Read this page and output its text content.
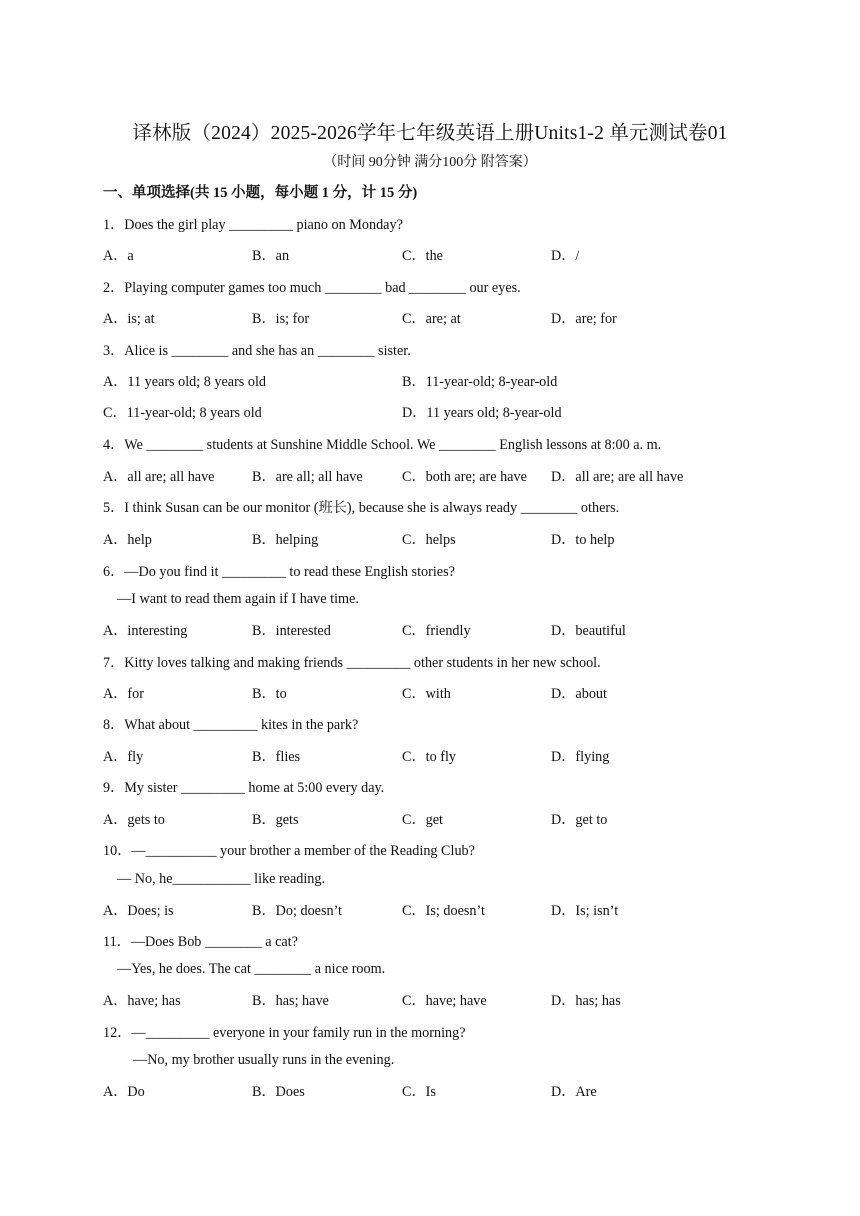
译林版（2024）2025-2026学年七年级英语上册Units1-2 单元测试卷01
（时间 90分钟 满分100分 附答案）
一、单项选择(共 15 小题，每小题 1 分，计 15 分)
1．Does the girl play _________ piano on Monday?
A．a	B．an	C．the	D．/
2．Playing computer games too much ________ bad ________ our eyes.
A．is; at	B．is; for	C．are; at	D．are; for
3．Alice is ________ and she has an ________ sister.
A．11 years old; 8 years old	B．11-year-old; 8-year-old
C．11-year-old; 8 years old	D．11 years old; 8-year-old
4．We ________ students at Sunshine Middle School. We ________ English lessons at 8:00 a. m.
A．all are; all have	B．are all; all have	C．both are; are have D．all are; are all have
5．I think Susan can be our monitor (班长), because she is always ready ________ others.
A．help	B．helping	C．helps	D．to help
6．—Do you find it _________ to read these English stories?
—I want to read them again if I have time.
A．interesting	B．interested	C．friendly	D．beautiful
7．Kitty loves talking and making friends _________ other students in her new school.
A．for	B．to	C．with	D．about
8．What about _________ kites in the park?
A．fly	B．flies	C．to fly	D．flying
9．My sister _________ home at 5:00 every day.
A．gets to	B．gets	C．get	D．get to
10．—__________ your brother a member of the Reading Club?
— No, he___________ like reading.
A．Does; is	B．Do; doesn’t	C．Is; doesn’t	D．Is; isn’t
11．—Does Bob ________ a cat?
—Yes, he does. The cat ________ a nice room.
A．have; has	B．has; have	C．have; have	D．has; has
12．—_________ everyone in your family run in the morning?
—No, my brother usually runs in the evening.
A．Do	B．Does	C．Is	D．Are
